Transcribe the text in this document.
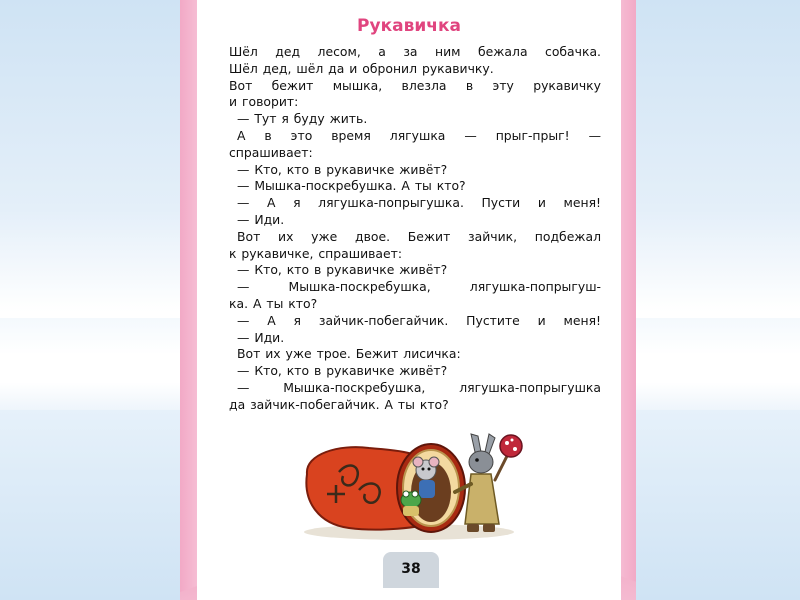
Рукавичка
Шёл дед лесом, а за ним бежала собачка.
Шёл дед, шёл да и обронил рукавичку.
Вот бежит мышка, влезла в эту рукавичку
и говорит:
— Тут я буду жить.
А в это время лягушка — прыг-прыг! —
спрашивает:
— Кто, кто в рукавичке живёт?
— Мышка-поскребушка. А ты кто?
— А я лягушка-попрыгушка. Пусти и меня!
— Иди.
Вот их уже двое. Бежит зайчик, подбежал
к рукавичке, спрашивает:
— Кто, кто в рукавичке живёт?
— Мышка-поскребушка, лягушка-попрыгуш-
ка. А ты кто?
— А я зайчик-побегайчик. Пустите и меня!
— Иди.
Вот их уже трое. Бежит лисичка:
— Кто, кто в рукавичке живёт?
— Мышка-поскребушка, лягушка-попрыгушка
да зайчик-побегайчик. А ты кто?
38
